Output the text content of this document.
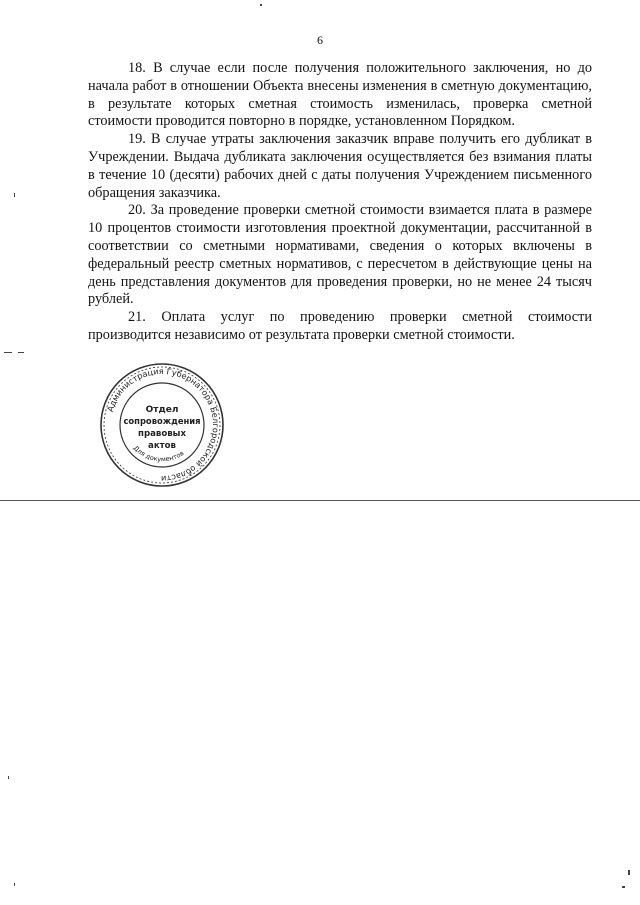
6

18. В случае если после получения положительного заключения, но до начала работ в отношении Объекта внесены изменения в сметную документацию, в результате которых сметная стоимость изменилась, проверка сметной стоимости проводится повторно в порядке, установленном Порядком.

19. В случае утраты заключения заказчик вправе получить его дубликат в Учреждении. Выдача дубликата заключения осуществляется без взимания платы в течение 10 (десяти) рабочих дней с даты получения Учреждением письменного обращения заказчика.

20. За проведение проверки сметной стоимости взимается плата в размере 10 процентов стоимости изготовления проектной документации, рассчитанной в соответствии со сметными нормативами, сведения о которых включены в федеральный реестр сметных нормативов, с пересчетом в действующие цены на день представления документов для проведения проверки, но не менее 24 тысяч рублей.

21. Оплата услуг по проведению проверки сметной стоимости производится независимо от результата проверки сметной стоимости.

Администрация Губернатора Белгородской области
Для документов
Отдел
сопровождения
правовых
актов
